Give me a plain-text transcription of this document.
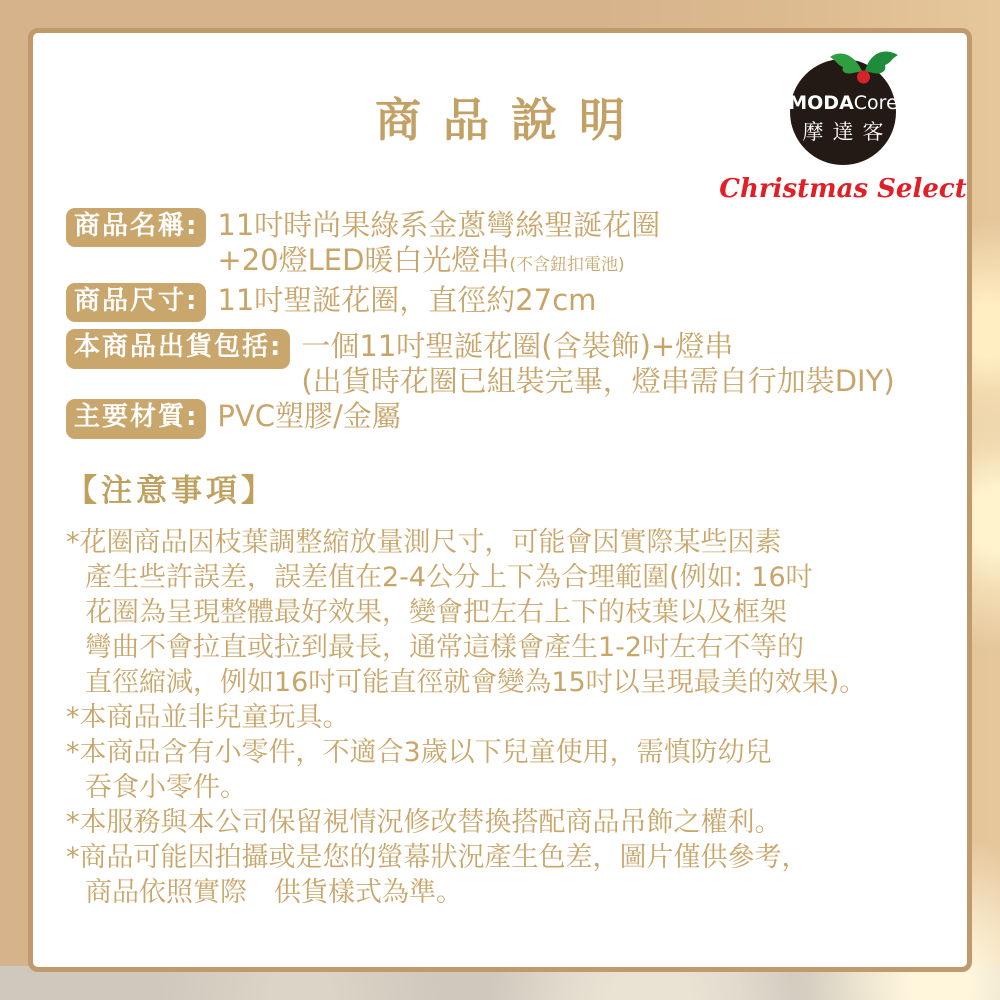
商品說明	MODACore
摩達客
Christmas Select
商品名稱: 11吋時尚果綠系金蔥彎絲聖誕花圈
+20燈LED暖白光燈串(不含鈕扣電池)
商品尺寸: 11吋聖誕花圈，直徑約27cm
本商品出貨包括: 一個11吋聖誕花圈(含裝飾)+燈串
(出貨時花圈已組裝完畢，燈串需自行加裝DIY)
主要材質: PVC塑膠/金屬
【注意事項】
*花圈商品因枝葉調整縮放量測尺寸，可能會因實際某些因素
產生些許誤差，誤差值在2-4公分上下為合理範圍(例如: 16吋
花圈為呈現整體最好效果，變會把左右上下的枝葉以及框架
彎曲不會拉直或拉到最長，通常這樣會產生1-2吋左右不等的
直徑縮減，例如16吋可能直徑就會變為15吋以呈現最美的效果)。
*本商品並非兒童玩具。
*本商品含有小零件，不適合3歲以下兒童使用，需慎防幼兒
吞食小零件。
*本服務與本公司保留視情況修改替換搭配商品吊飾之權利。
*商品可能因拍攝或是您的螢幕狀況產生色差，圖片僅供參考，
商品依照實際　供貨樣式為準。
